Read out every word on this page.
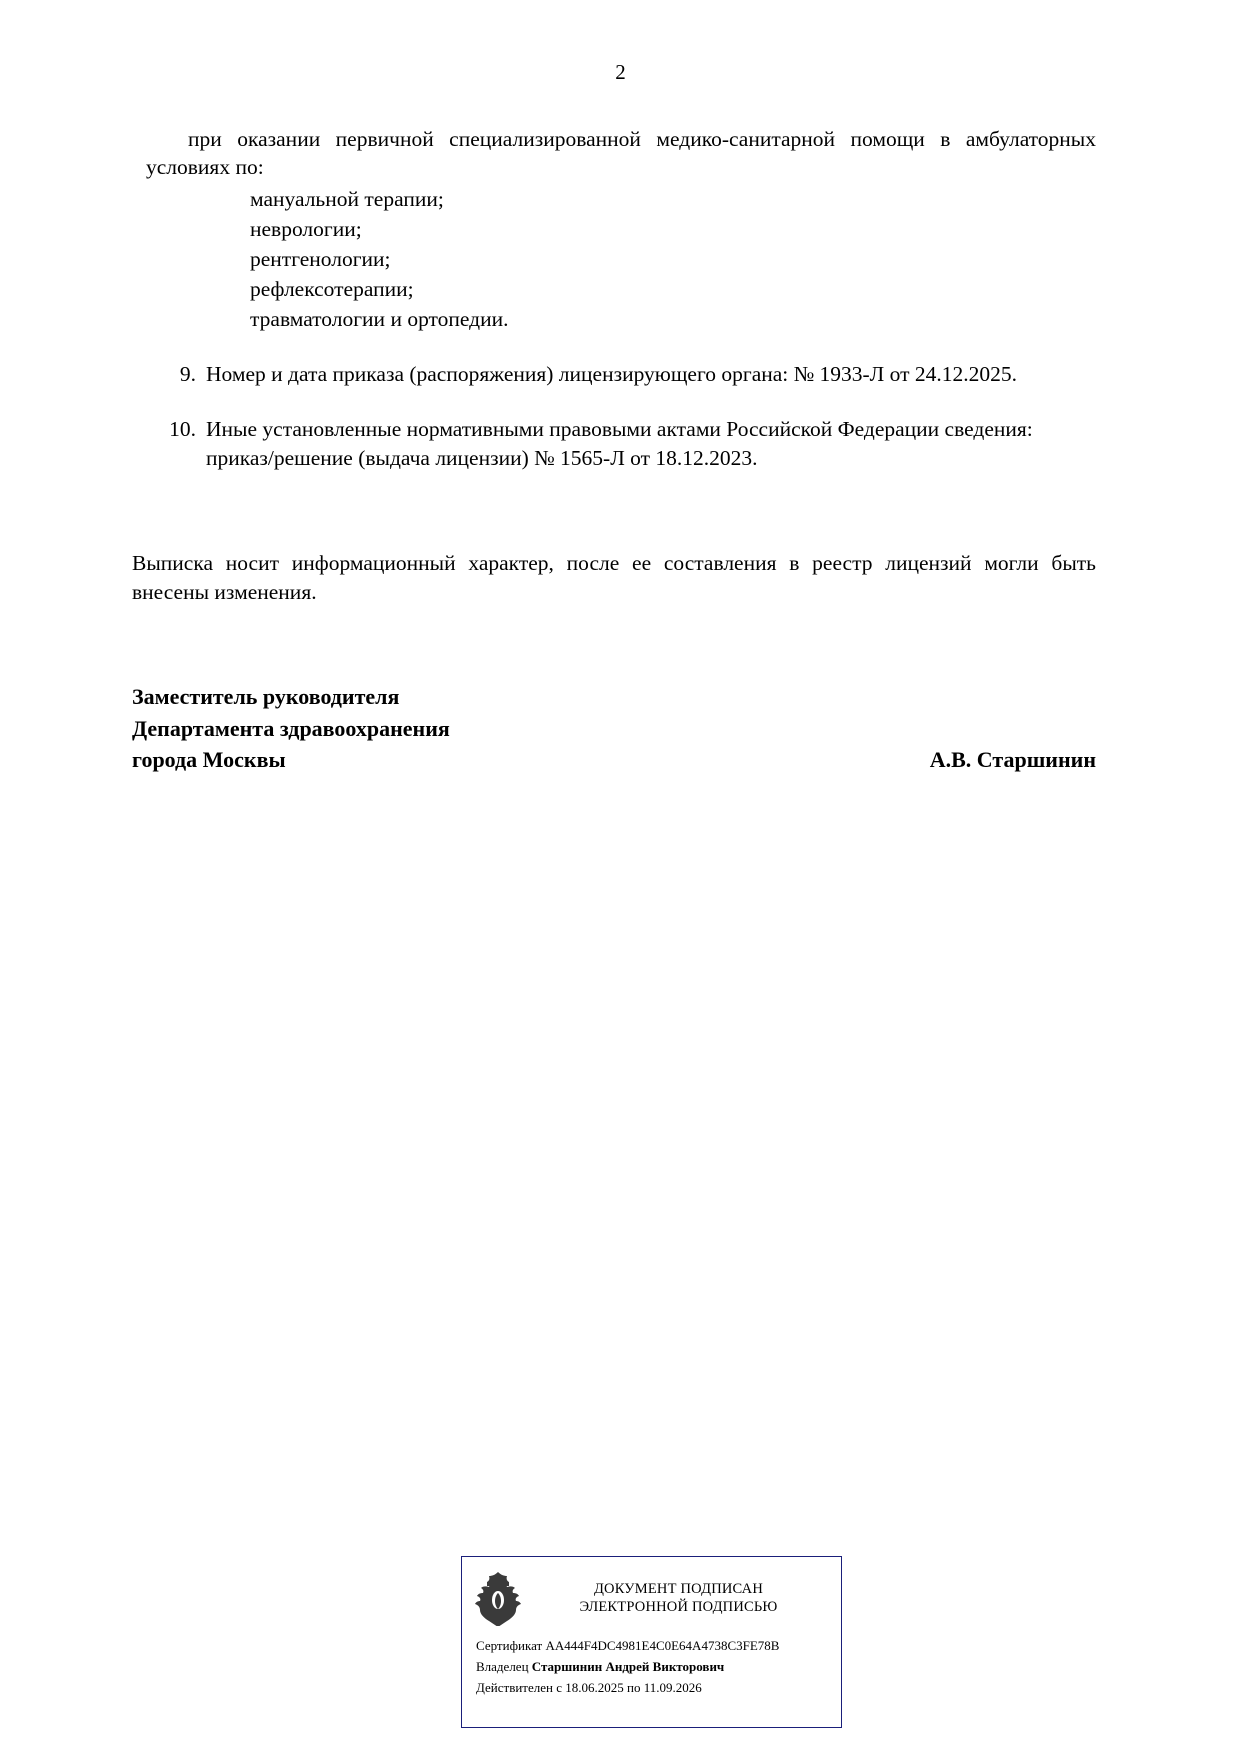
2
при оказании первичной специализированной медико-санитарной помощи в амбулаторных условиях по:
мануальной терапии;
неврологии;
рентгенологии;
рефлексотерапии;
травматологии и ортопедии.
9. Номер и дата приказа (распоряжения) лицензирующего органа: № 1933-Л от 24.12.2025.
10. Иные установленные нормативными правовыми актами Российской Федерации сведения: приказ/решение (выдача лицензии) № 1565-Л от 18.12.2023.
Выписка носит информационный характер, после ее составления в реестр лицензий могли быть внесены изменения.
Заместитель руководителя
Департамента здравоохранения
города Москвы	А.В. Старшинин
ДОКУМЕНТ ПОДПИСАН
ЭЛЕКТРОННОЙ ПОДПИСЬЮ
Сертификат AA444F4DC4981E4C0E64A4738C3FE78B
Владелец Старшинин Андрей Викторович
Действителен с 18.06.2025 по 11.09.2026
